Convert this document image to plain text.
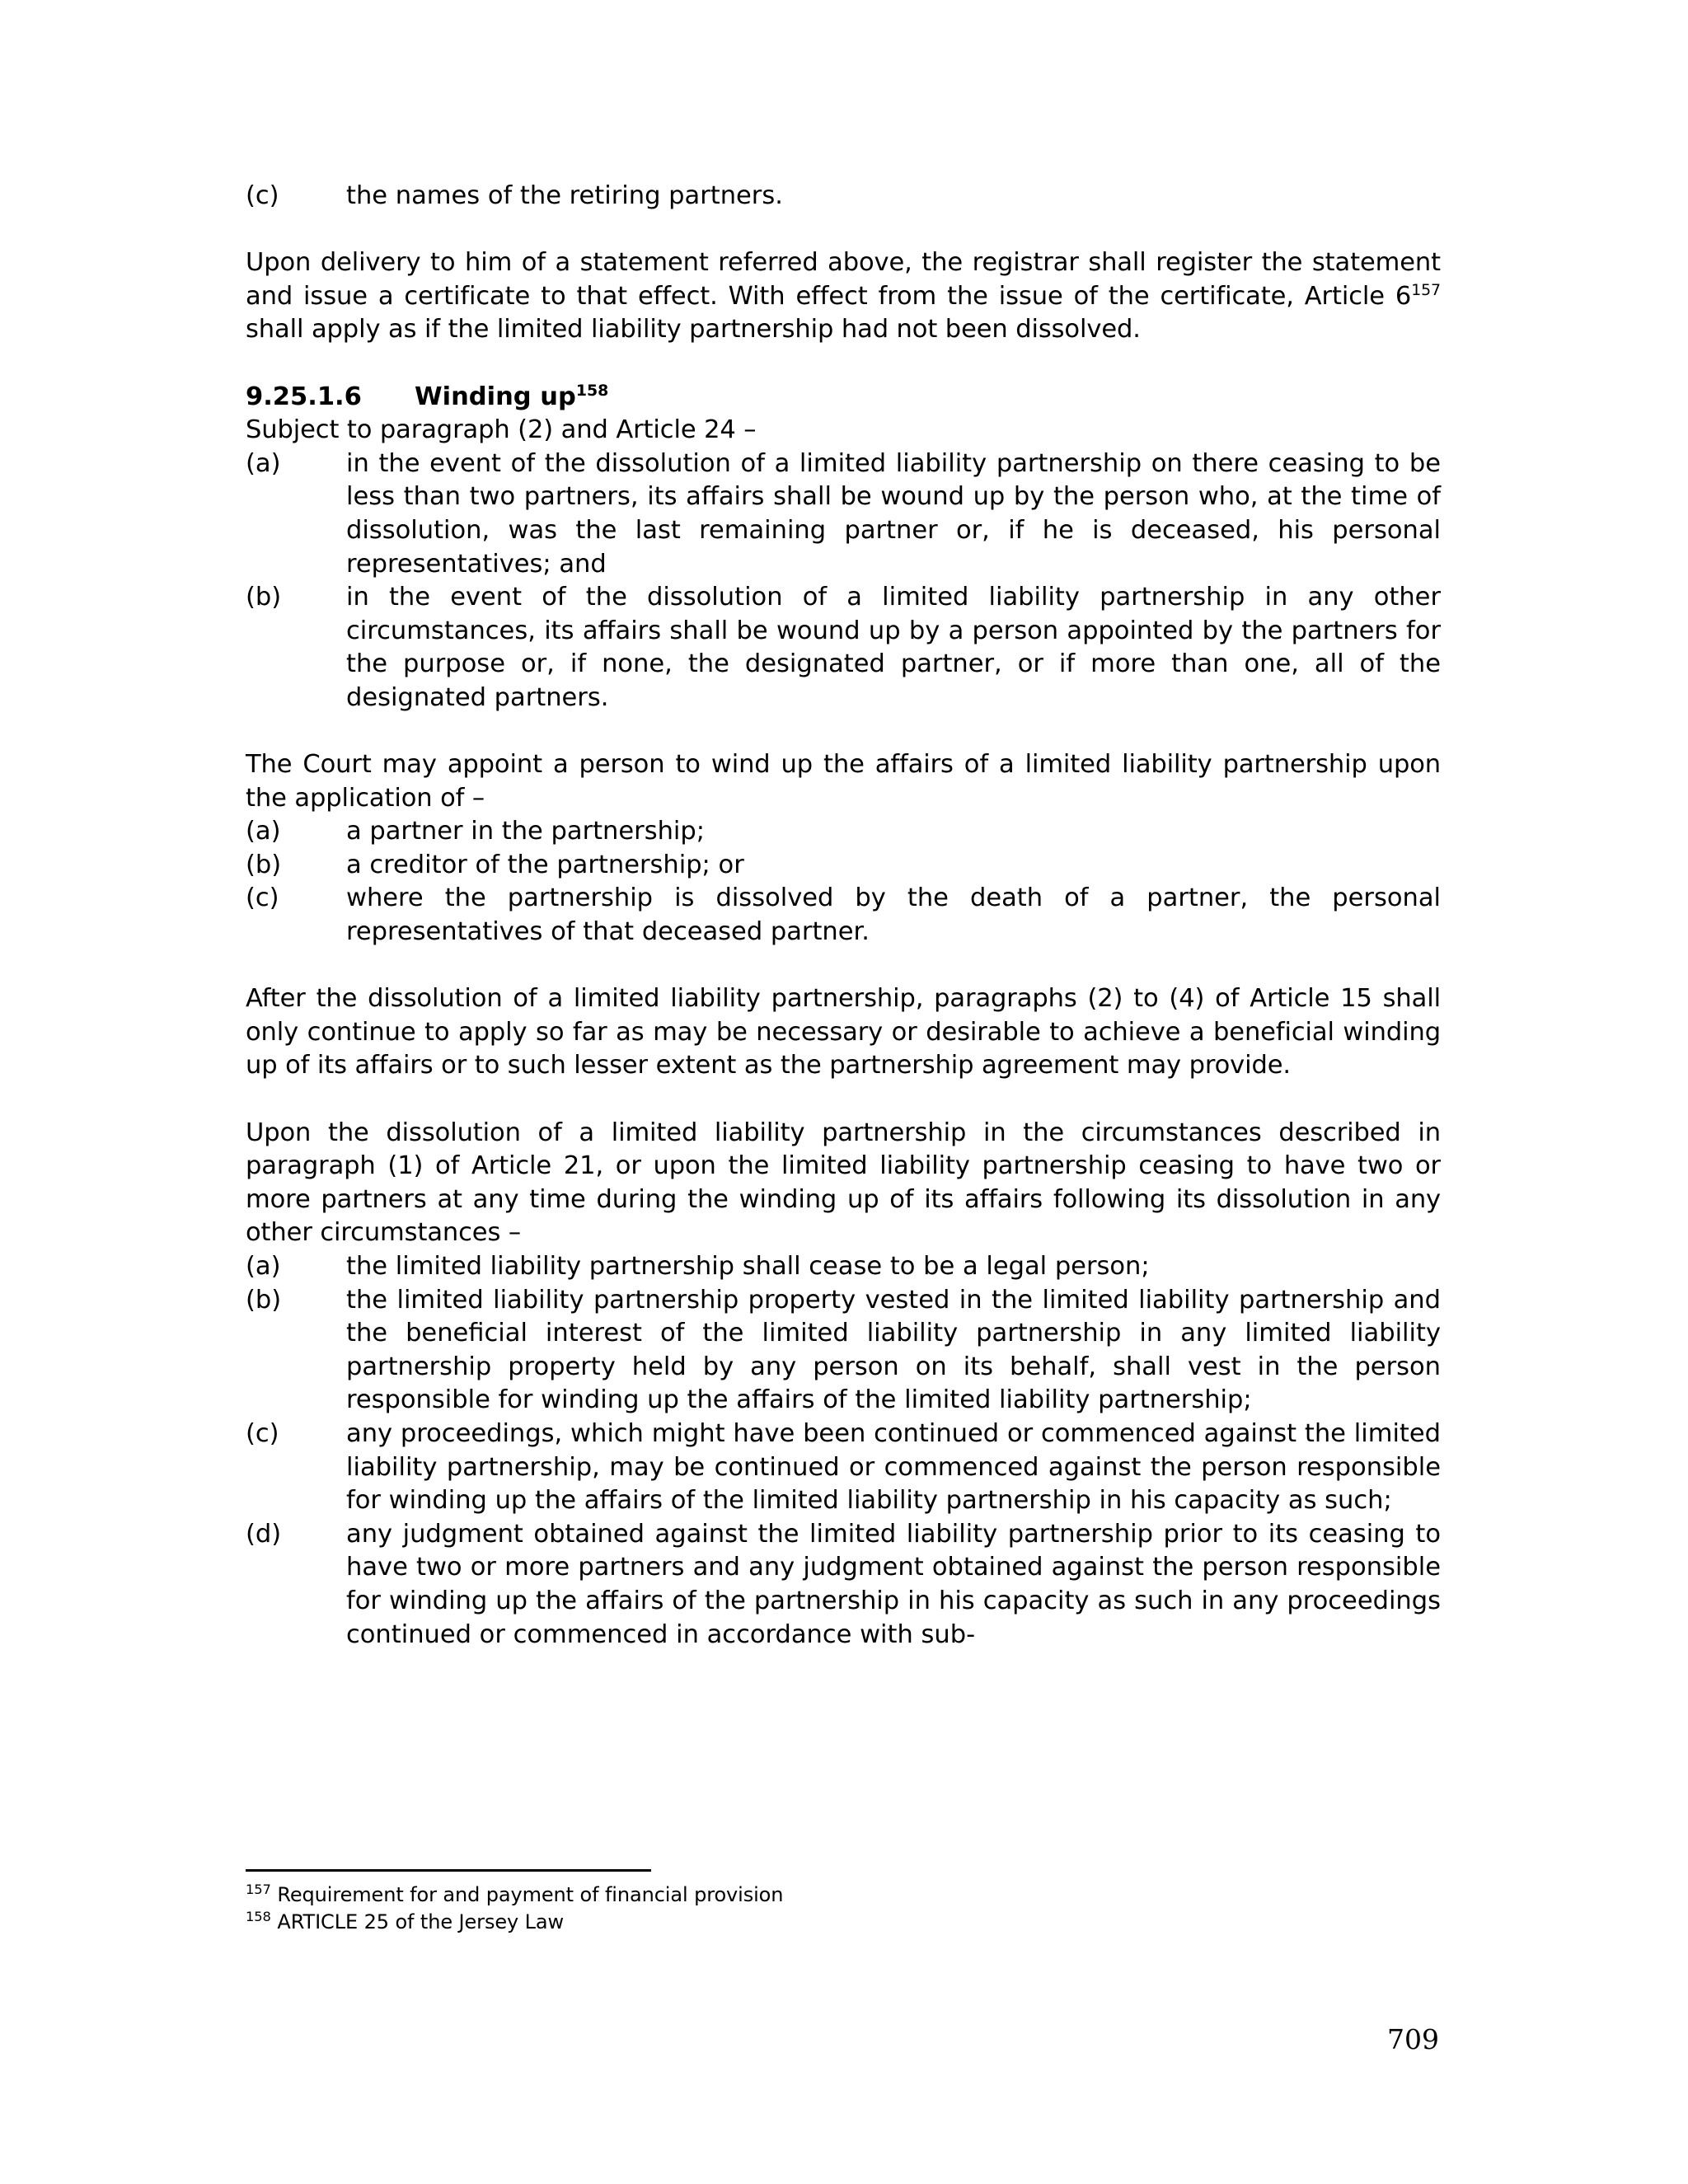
(c)	the names of the retiring partners.

Upon delivery to him of a statement referred above, the registrar shall register the statement and issue a certificate to that effect. With effect from the issue of the certificate, Article $6^{157}$ shall apply as if the limited liability partnership had not been dissolved.

9.25.1.6	Winding $up^{158}$

Subject to paragraph (2) and Article 24 –

(a)	in the event of the dissolution of a limited liability partnership on there ceasing to be less than two partners, its affairs shall be wound up by the person who, at the time of dissolution, was the last remaining partner or, if he is deceased, his personal representatives; and
(b)	in the event of the dissolution of a limited liability partnership in any other circumstances, its affairs shall be wound up by a person appointed by the partners for the purpose or, if none, the designated partner, or if more than one, all of the designated partners.

The Court may appoint a person to wind up the affairs of a limited liability partnership upon the application of –

(a)	a partner in the partnership;
(b)	a creditor of the partnership; or
(c)	where the partnership is dissolved by the death of a partner, the personal representatives of that deceased partner.

After the dissolution of a limited liability partnership, paragraphs (2) to (4) of Article 15 shall only continue to apply so far as may be necessary or desirable to achieve a beneficial winding up of its affairs or to such lesser extent as the partnership agreement may provide.

Upon the dissolution of a limited liability partnership in the circumstances described in paragraph (1) of Article 21, or upon the limited liability partnership ceasing to have two or more partners at any time during the winding up of its affairs following its dissolution in any other circumstances –

(a)	the limited liability partnership shall cease to be a legal person;
(b)	the limited liability partnership property vested in the limited liability partnership and the beneficial interest of the limited liability partnership in any limited liability partnership property held by any person on its behalf, shall vest in the person responsible for winding up the affairs of the limited liability partnership;
(c)	any proceedings, which might have been continued or commenced against the limited liability partnership, may be continued or commenced against the person responsible for winding up the affairs of the limited liability partnership in his capacity as such;
(d)	any judgment obtained against the limited liability partnership prior to its ceasing to have two or more partners and any judgment obtained against the person responsible for winding up the affairs of the partnership in his capacity as such in any proceedings continued or commenced in accordance with sub-

$^{157}$ Requirement for and payment of financial provision

$^{158}$ ARTICLE 25 of the Jersey Law

709
